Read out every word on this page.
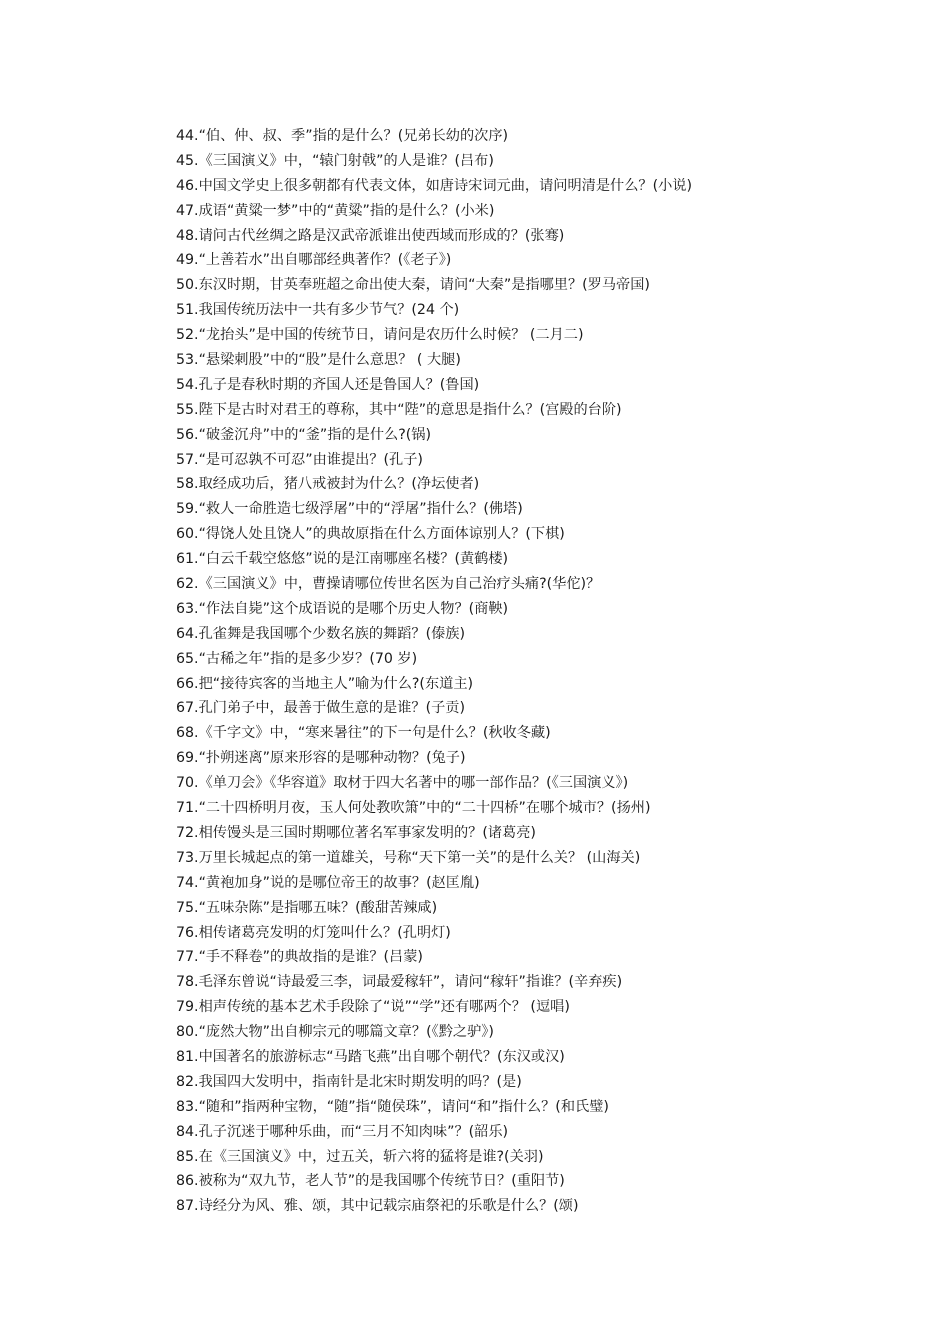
44.“伯、仲、叔、季”指的是什么？(兄弟长幼的次序)
45.《三国演义》中，“辕门射戟”的人是谁？(吕布)
46.中国文学史上很多朝都有代表文体，如唐诗宋词元曲，请问明清是什么？(小说)
47.成语“黄粱一梦”中的“黄粱”指的是什么？(小米)
48.请问古代丝绸之路是汉武帝派谁出使西域而形成的？(张骞)
49.“上善若水”出自哪部经典著作？(《老子》)
50.东汉时期，甘英奉班超之命出使大秦，请问“大秦”是指哪里？(罗马帝国)
51.我国传统历法中一共有多少节气？(24 个)
52.“龙抬头”是中国的传统节日，请问是农历什么时候？ (二月二)
53.“悬梁刺股”中的“股”是什么意思？ ( 大腿)
54.孔子是春秋时期的齐国人还是鲁国人？(鲁国)
55.陛下是古时对君王的尊称，其中“陛”的意思是指什么？(宫殿的台阶)
56.“破釜沉舟”中的“釜”指的是什么?(锅)
57.“是可忍孰不可忍”由谁提出？(孔子)
58.取经成功后，猪八戒被封为什么？(净坛使者)
59.“救人一命胜造七级浮屠”中的“浮屠”指什么？(佛塔)
60.“得饶人处且饶人”的典故原指在什么方面体谅别人？(下棋)
61.“白云千载空悠悠”说的是江南哪座名楼？(黄鹤楼)
62.《三国演义》中，曹操请哪位传世名医为自己治疗头痛?(华佗)？
63.“作法自毙”这个成语说的是哪个历史人物？(商鞅)
64.孔雀舞是我国哪个少数名族的舞蹈？(傣族)
65.“古稀之年”指的是多少岁？(70 岁)
66.把“接待宾客的当地主人”喻为什么?(东道主)
67.孔门弟子中，最善于做生意的是谁？(子贡)
68.《千字文》中，“寒来暑往”的下一句是什么？(秋收冬藏)
69.“扑朔迷离”原来形容的是哪种动物？(兔子)
70.《单刀会》《华容道》取材于四大名著中的哪一部作品？(《三国演义》)
71.“二十四桥明月夜，玉人何处教吹箫”中的“二十四桥”在哪个城市？(扬州)
72.相传馒头是三国时期哪位著名军事家发明的？(诸葛亮)
73.万里长城起点的第一道雄关，号称“天下第一关”的是什么关？ (山海关)
74.“黄袍加身”说的是哪位帝王的故事？(赵匡胤)
75.“五味杂陈”是指哪五味？(酸甜苦辣咸)
76.相传诸葛亮发明的灯笼叫什么？(孔明灯)
77.“手不释卷”的典故指的是谁？(吕蒙)
78.毛泽东曾说“诗最爱三李，词最爱稼轩”，请问“稼轩”指谁？(辛弃疾)
79.相声传统的基本艺术手段除了“说”“学”还有哪两个？ (逗唱)
80.“庞然大物”出自柳宗元的哪篇文章？(《黔之驴》)
81.中国著名的旅游标志“马踏飞燕”出自哪个朝代？(东汉或汉)
82.我国四大发明中，指南针是北宋时期发明的吗？(是)
83.“随和”指两种宝物，“随”指“随侯珠”，请问“和”指什么？(和氏璧)
84.孔子沉迷于哪种乐曲，而“三月不知肉味”？(韶乐)
85.在《三国演义》中，过五关，斩六将的猛将是谁?(关羽)
86.被称为“双九节，老人节”的是我国哪个传统节日？(重阳节)
87.诗经分为风、雅、颂，其中记载宗庙祭祀的乐歌是什么？(颂)
